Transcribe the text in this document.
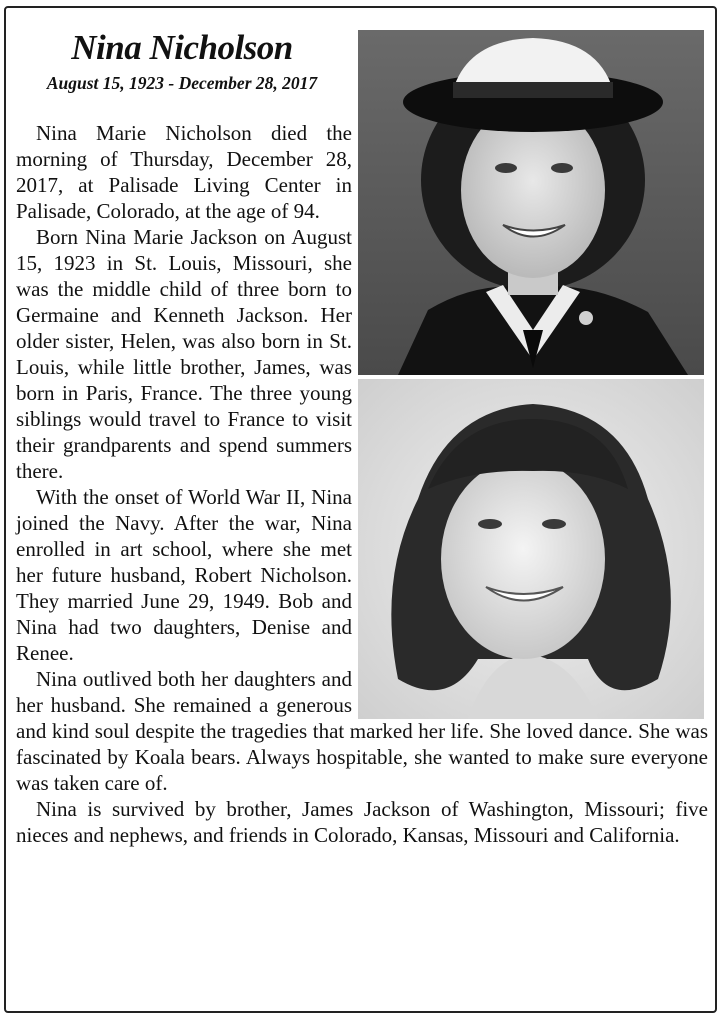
Nina Nicholson
August 15, 1923 - December 28, 2017

Nina Marie Nicholson died the morning of Thursday, December 28, 2017, at Palisade Living Center in Palisade, Colorado, at the age of 94.

Born Nina Marie Jackson on August 15, 1923 in St. Louis, Missouri, she was the middle child of three born to Germaine and Kenneth Jackson. Her older sister, Helen, was also born in St. Louis, while little brother, James, was born in Paris, France. The three young siblings would travel to France to visit their grandparents and spend summers there.

With the onset of World War II, Nina joined the Navy. After the war, Nina enrolled in art school, where she met her future husband, Robert Nicholson. They married June 29, 1949. Bob and Nina had two daughters, Denise and Renee.

Nina outlived both her daughters and her husband. She remained a generous and kind soul despite the tragedies that marked her life. She loved dance. She was fascinated by Koala bears. Always hospitable, she wanted to make sure everyone was taken care of.

Nina is survived by brother, James Jackson of Washington, Missouri; five nieces and nephews, and friends in Colorado, Kansas, Missouri and California.
